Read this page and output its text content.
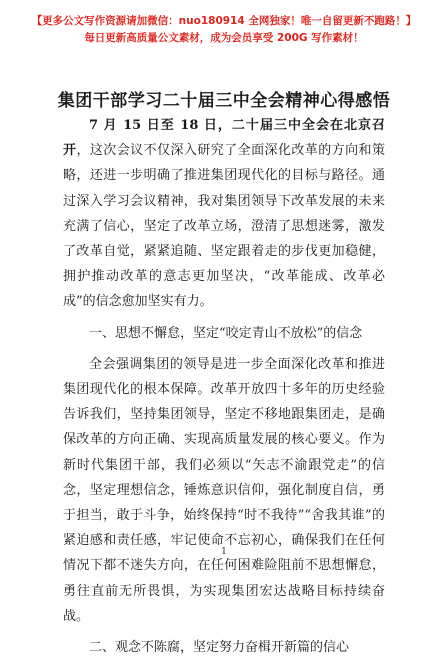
【更多公文写作资源请加微信：nuo180914 全网独家！唯一自留更新不跑路！】
每日更新高质量公文素材，成为会员享受 200G 写作素材！
集团干部学习二十届三中全会精神心得感悟

7 月 15 日至 18 日，二十届三中全会在北京召开，这次会议不仅深入研究了全面深化改革的方向和策略，还进一步明确了推进集团现代化的目标与路径。通过深入学习会议精神，我对集团领导下改革发展的未来充满了信心，坚定了改革立场，澄清了思想迷雾，激发了改革自觉，紧紧追随、坚定跟着走的步伐更加稳健，拥护推动改革的意志更加坚决，“改革能成、改革必成”的信念愈加坚实有力。

一、思想不懈怠，坚定“咬定青山不放松”的信念

全会强调集团的领导是进一步全面深化改革和推进集团现代化的根本保障。改革开放四十多年的历史经验告诉我们，坚持集团领导，坚定不移地跟集团走，是确保改革的方向正确、实现高质量发展的核心要义。作为新时代集团干部，我们必须以“矢志不渝跟党走”的信念，坚定理想信念，锤炼意识信仰，强化制度自信，勇于担当，敢于斗争，始终保持“时不我待”“舍我其谁”的紧迫感和责任感，牢记使命不忘初心，确保我们在任何情况下都不迷失方向，在任何困难险阻前不思想懈怠，勇往直前无所畏惧，为实现集团宏达战略目标持续奋战。

二、观念不陈腐，坚定努力奋楫开新篇的信心

1
